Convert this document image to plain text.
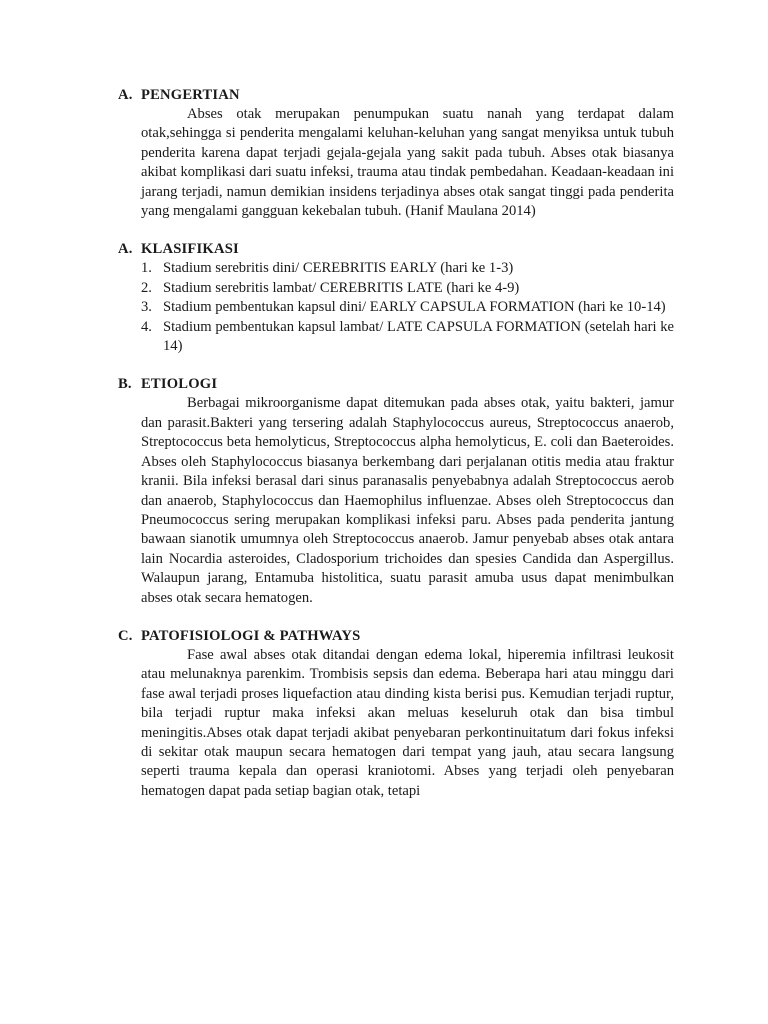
A. PENGERTIAN

Abses otak merupakan penumpukan suatu nanah yang terdapat dalam otak,sehingga si penderita mengalami keluhan-keluhan yang sangat menyiksa untuk tubuh penderita karena dapat terjadi gejala-gejala yang sakit pada tubuh. Abses otak biasanya akibat komplikasi dari suatu infeksi, trauma atau tindak pembedahan. Keadaan-keadaan ini jarang terjadi, namun demikian insidens terjadinya abses otak sangat tinggi pada penderita yang mengalami gangguan kekebalan tubuh. (Hanif Maulana 2014)

A. KLASIFIKASI
1. Stadium serebritis dini/ CEREBRITIS EARLY (hari ke 1-3)
2. Stadium serebritis lambat/ CEREBRITIS LATE (hari ke 4-9)
3. Stadium pembentukan kapsul dini/ EARLY CAPSULA FORMATION (hari ke 10-14)
4. Stadium pembentukan kapsul lambat/ LATE CAPSULA FORMATION (setelah hari ke 14)
B. ETIOLOGI

Berbagai mikroorganisme dapat ditemukan pada abses otak, yaitu bakteri, jamur dan parasit.Bakteri yang tersering adalah Staphylococcus aureus, Streptococcus anaerob, Streptococcus beta hemolyticus, Streptococcus alpha hemolyticus, E. coli dan Baeteroides. Abses oleh Staphylococcus biasanya berkembang dari perjalanan otitis media atau fraktur kranii. Bila infeksi berasal dari sinus paranasalis penyebabnya adalah Streptococcus aerob dan anaerob, Staphylococcus dan Haemophilus influenzae. Abses oleh Streptococcus dan Pneumococcus sering merupakan komplikasi infeksi paru. Abses pada penderita jantung bawaan sianotik umumnya oleh Streptococcus anaerob. Jamur penyebab abses otak antara lain Nocardia asteroides, Cladosporium trichoides dan spesies Candida dan Aspergillus. Walaupun jarang, Entamuba histolitica, suatu parasit amuba usus dapat menimbulkan abses otak secara hematogen.

C. PATOFISIOLOGI & PATHWAYS

Fase awal abses otak ditandai dengan edema lokal, hiperemia infiltrasi leukosit atau melunaknya parenkim. Trombisis sepsis dan edema. Beberapa hari atau minggu dari fase awal terjadi proses liquefaction atau dinding kista berisi pus. Kemudian terjadi ruptur, bila terjadi ruptur maka infeksi akan meluas keseluruh otak dan bisa timbul meningitis.Abses otak dapat terjadi akibat penyebaran perkontinuitatum dari fokus infeksi di sekitar otak maupun secara hematogen dari tempat yang jauh, atau secara langsung seperti trauma kepala dan operasi kraniotomi. Abses yang terjadi oleh penyebaran hematogen dapat pada setiap bagian otak, tetapi
